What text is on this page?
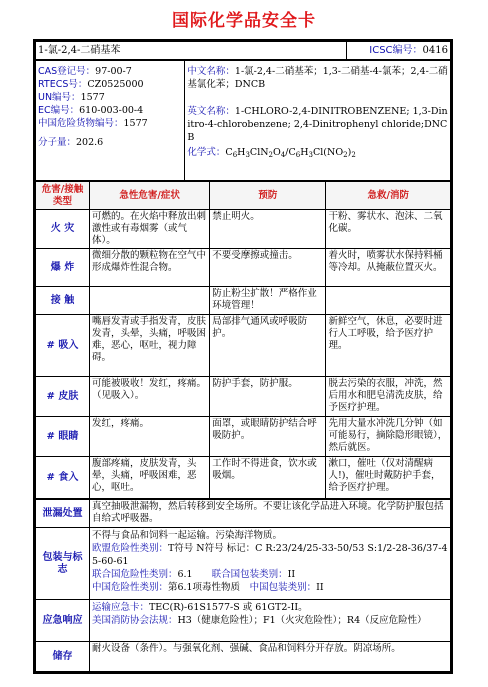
国际化学品安全卡
1-氯-2,4-二硝基苯	ICSC编号：0416
CAS登记号：97-00-7
RTECS号：CZ0525000
UN编号：1577
EC编号：610-003-00-4
中国危险货物编号：1577
分子量：202.6

中文名称：1-氯-2,4-二硝基苯；1,3-二硝基-4-氯苯；2,4-二硝基氯化苯；DNCB
英文名称：1-CHLORO-2,4-DINITROBENZENE; 1,3-Dinitro-4-chlorobenzene; 2,4-Dinitrophenyl chloride;DNCB
化学式：$C_6H_3ClN_2O_4/C_6H_3Cl(NO_2)_2$
危害/接触类型	急性危害/症状	预防	急救/消防
火 灾	可燃的。在火焰中释放出刺激性或有毒烟雾（或气体）。	禁止明火。	干粉、雾状水、泡沫、二氧化碳。
爆 炸	微细分散的颗粒物在空气中形成爆炸性混合物。	不要受摩擦或撞击。	着火时，喷雾状水保持料桶等冷却。从掩蔽位置灭火。
接 触		防止粉尘扩散！严格作业环境管理！	
# 吸入	嘴唇发青或手指发青，皮肤发青，头晕，头痛，呼吸困难，恶心，呕吐，视力障碍。	局部排气通风或呼吸防护。	新鲜空气，休息，必要时进行人工呼吸，给予医疗护理。
# 皮肤	可能被吸收！发红，疼痛。（见吸入）。	防护手套，防护服。	脱去污染的衣服，冲洗，然后用水和肥皂清洗皮肤，给予医疗护理。
# 眼睛	发红，疼痛。	面罩，或眼睛防护结合呼吸防护。	先用大量水冲洗几分钟（如可能易行，摘除隐形眼镜），然后就医。
# 食入	腹部疼痛，皮肤发青，头晕，头痛，呼吸困难，恶心，呕吐。	工作时不得进食，饮水或吸烟。	漱口，催吐（仅对清醒病人!)，催吐时戴防护手套，给予医疗护理。
泄漏处置	真空抽吸泄漏物，然后转移到安全场所。不要让该化学品进入环境。化学防护服包括自给式呼吸器。
包装与标志	不得与食品和饲料一起运输。污染海洋物质。
欧盟危险性类别：T符号 N符号 标记：C R:23/24/25-33-50/53 S:1/2-28-36/37-45-60-61
联合国危险性类别：6.1   联合国包装类别：II
中国危险性类别：第6.1项毒性物质  中国包装类别：II

应急响应	运输应急卡：TEC(R)-61S1577-S 或 61GT2-II。
美国消防协会法规：H3（健康危险性）；F1（火灾危险性）；R4（反应危险性）

储存	耐火设备（条件）。与强氧化剂、强碱、食品和饲料分开存放。阴凉场所。
